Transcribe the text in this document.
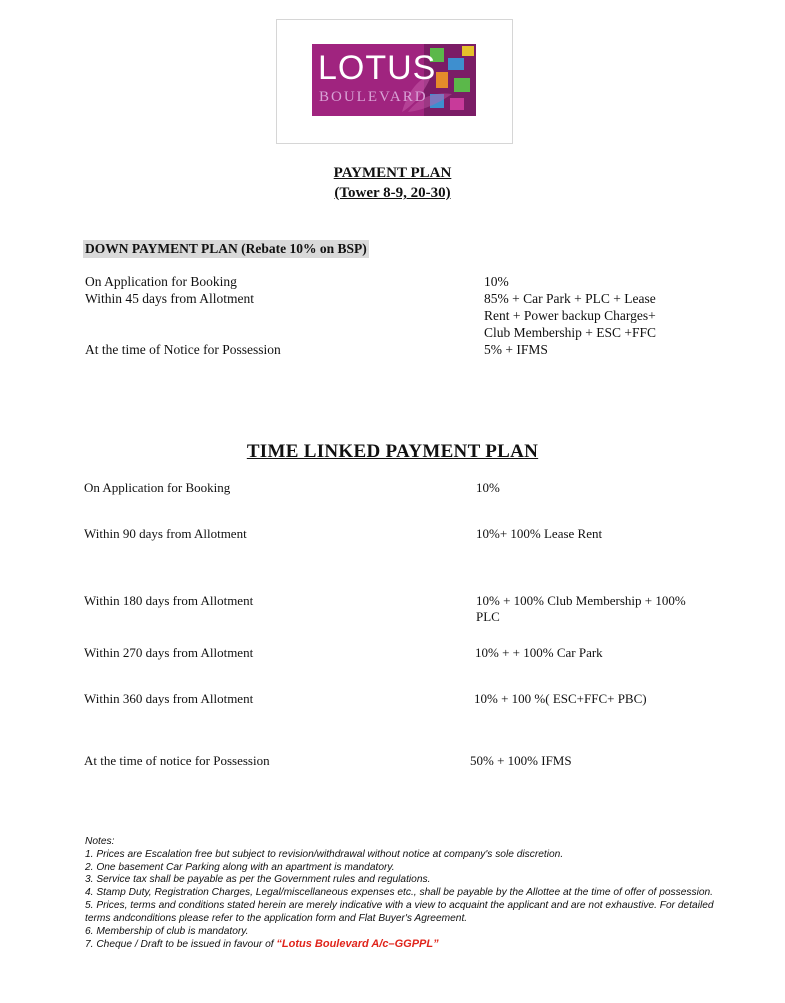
LOTUS
BOULEVARD
PAYMENT PLAN
(Tower 8-9, 20-30)
DOWN PAYMENT PLAN (Rebate 10% on BSP)
On Application for Booking	10%
Within 45 days from Allotment	85% + Car Park + PLC + Lease
Rent + Power backup Charges+
Club Membership + ESC +FFC
At the time of Notice for Possession	5% + IFMS
TIME LINKED PAYMENT PLAN
On Application for Booking	10%
Within 90 days from Allotment	10%+ 100% Lease Rent
Within 180 days from Allotment	10% + 100% Club Membership + 100%
PLC
Within 270 days from Allotment	10% + + 100% Car Park
Within 360 days from Allotment	10% + 100 %( ESC+FFC+ PBC)
At the time of notice for Possession	50% + 100% IFMS
Notes:
1. Prices are Escalation free but subject to revision/withdrawal without notice at company's sole discretion.
2. One basement Car Parking along with an apartment is mandatory.
3. Service tax shall be payable as per the Government rules and regulations.
4. Stamp Duty, Registration Charges, Legal/miscellaneous expenses etc., shall be payable by the Allottee at the time of offer of possession.
5. Prices, terms and conditions stated herein are merely indicative with a view to acquaint the applicant and are not exhaustive. For detailed terms andconditions please refer to the application form and Flat Buyer's Agreement.
6. Membership of club is mandatory.
7. Cheque / Draft to be issued in favour of “Lotus Boulevard A/c–GGPPL”
